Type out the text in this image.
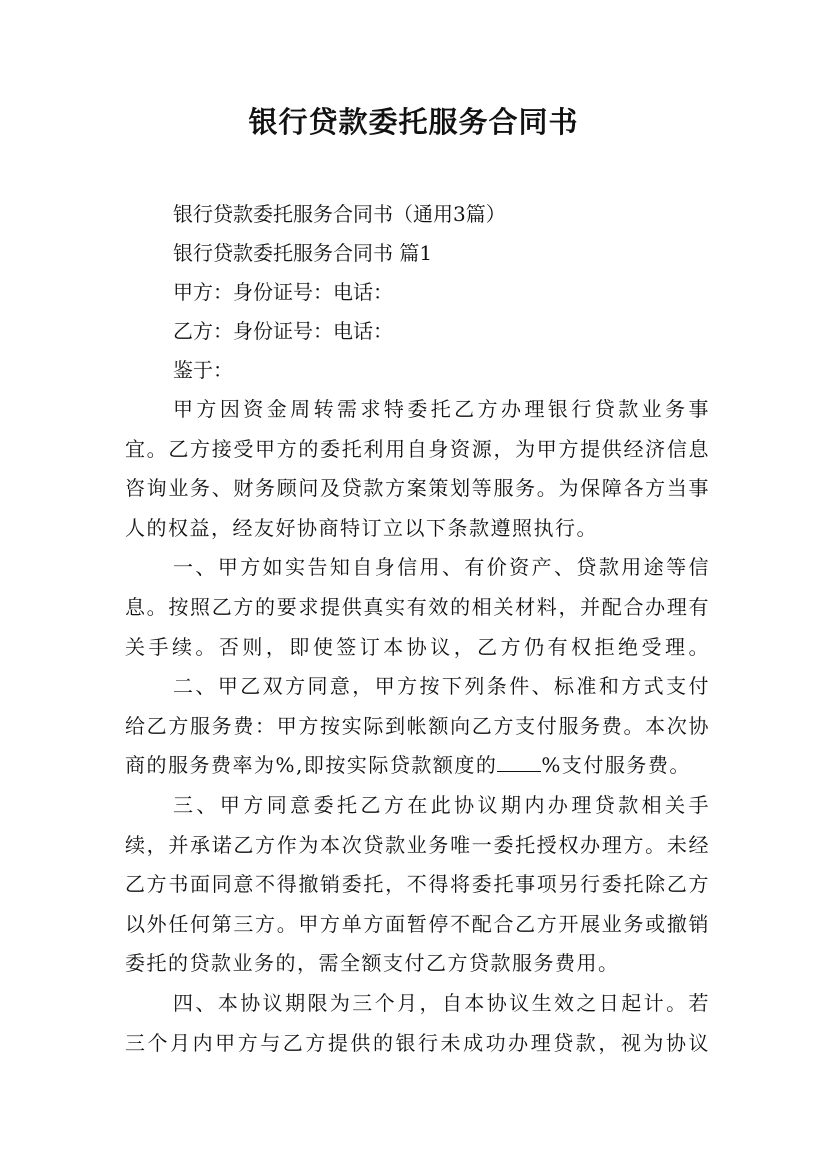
银行贷款委托服务合同书

银行贷款委托服务合同书（通用3篇）

银行贷款委托服务合同书 篇1

甲方：身份证号：电话：

乙方：身份证号：电话：

鉴于：

甲方因资金周转需求特委托乙方办理银行贷款业务事宜。乙方接受甲方的委托利用自身资源，为甲方提供经济信息咨询业务、财务顾问及贷款方案策划等服务。为保障各方当事人的权益，经友好协商特订立以下条款遵照执行。

一、甲方如实告知自身信用、有价资产、贷款用途等信息。按照乙方的要求提供真实有效的相关材料，并配合办理有关手续。否则，即使签订本协议，乙方仍有权拒绝受理。

二、甲乙双方同意，甲方按下列条件、标准和方式支付给乙方服务费：甲方按实际到帐额向乙方支付服务费。本次协商的服务费率为%,即按实际贷款额度的 %支付服务费。

三、甲方同意委托乙方在此协议期内办理贷款相关手续，并承诺乙方作为本次贷款业务唯一委托授权办理方。未经乙方书面同意不得撤销委托，不得将委托事项另行委托除乙方以外任何第三方。甲方单方面暂停不配合乙方开展业务或撤销委托的贷款业务的，需全额支付乙方贷款服务费用。

四、本协议期限为三个月，自本协议生效之日起计。若三个月内甲方与乙方提供的银行未成功办理贷款，视为协议
